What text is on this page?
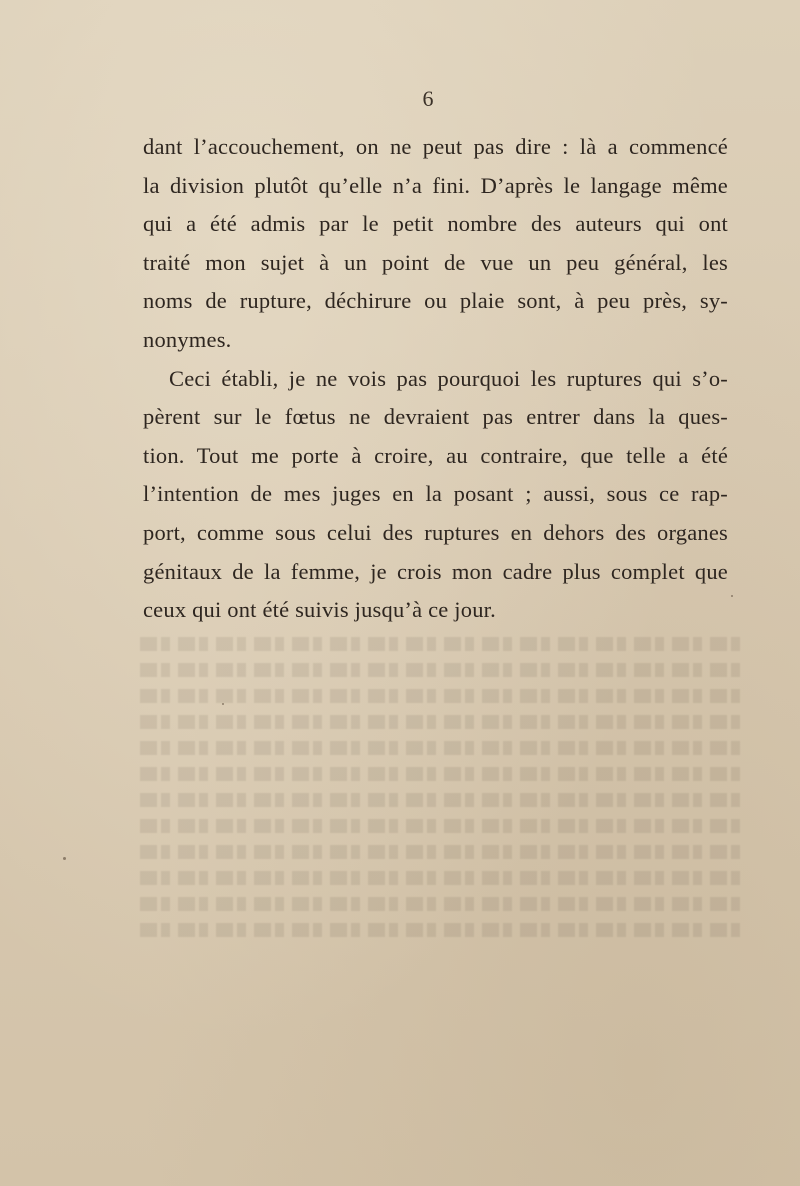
6

dant l’accouchement, on ne peut pas dire : là a commencé
la division plutôt qu’elle n’a fini. D’après le langage même
qui a été admis par le petit nombre des auteurs qui ont
traité mon sujet à un point de vue un peu général, les
noms de rupture, déchirure ou plaie sont, à peu près, sy-
nonymes.

Ceci établi, je ne vois pas pourquoi les ruptures qui s’o-
pèrent sur le fœtus ne devraient pas entrer dans la ques-
tion. Tout me porte à croire, au contraire, que telle a été
l’intention de mes juges en la posant ; aussi, sous ce rap-
port, comme sous celui des ruptures en dehors des organes
génitaux de la femme, je crois mon cadre plus complet que
ceux qui ont été suivis jusqu’à ce jour.
